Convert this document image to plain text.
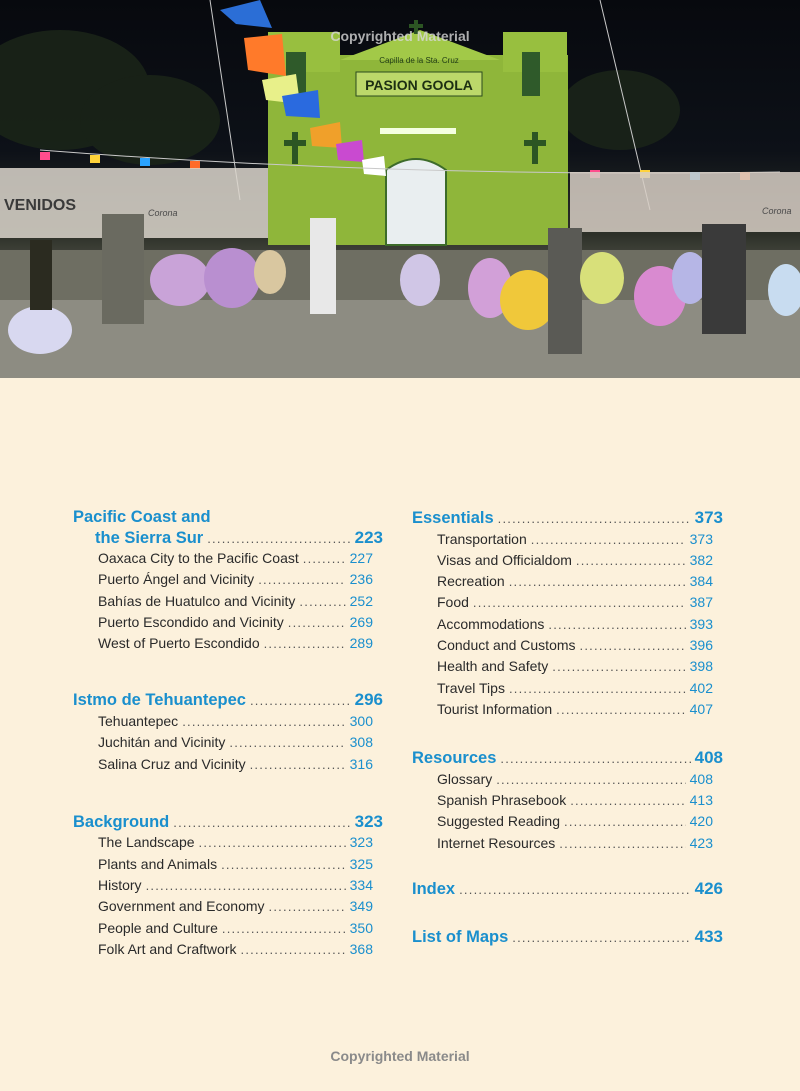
Capilla de la Sta. Cruz
PASION GOOLA
VENIDOS	Corona	Corona
Copyrighted Material
Pacific Coast and
the Sierra Sur . . .	223
Oaxaca City to the Pacific Coast . . .	227
Puerto Ángel and Vicinity . . .	236
Bahías de Huatulco and Vicinity . . .	252
Puerto Escondido and Vicinity . . .	269
West of Puerto Escondido . . .	289
Istmo de Tehuantepec . . .	296
Tehuantepec . . .	300
Juchitán and Vicinity . . .	308
Salina Cruz and Vicinity . . .	316
Background . . .	323
The Landscape . . .	323
Plants and Animals . . .	325
History . . .	334
Government and Economy . . .	349
People and Culture . . .	350
Folk Art and Craftwork . . .	368
Essentials . . .	373
Transportation . . .	373
Visas and Officialdom . . .	382
Recreation . . .	384
Food . . .	387
Accommodations . . .	393
Conduct and Customs . . .	396
Health and Safety . . .	398
Travel Tips . . .	402
Tourist Information . . .	407
Resources . . .	408
Glossary . . .	408
Spanish Phrasebook . . .	413
Suggested Reading . . .	420
Internet Resources . . .	423
Index . . .	426
List of Maps . . .	433
Copyrighted Material
